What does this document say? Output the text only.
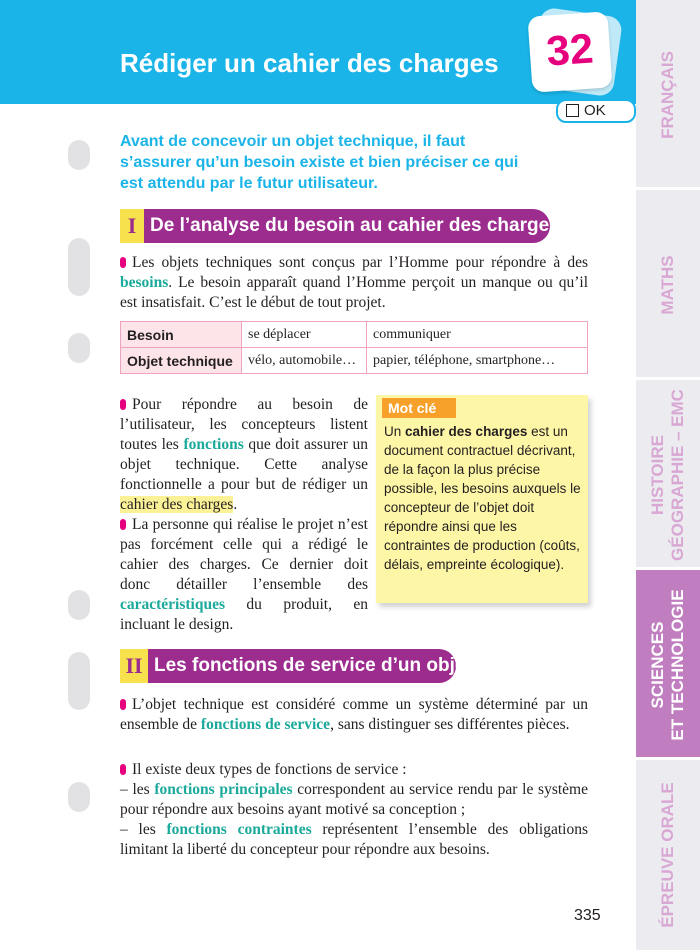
Rédiger un cahier des charges	32
OK	FRANÇAIS
MATHS
HISTOIRE
GÉOGRAPHIE – EMC
SCIENCES
ET TECHNOLOGIE
ÉPREUVE ORALE
Avant de concevoir un objet technique, il faut s’assurer qu’un besoin existe et bien préciser ce qui est attendu par le futur utilisateur.
I De l’analyse du besoin au cahier des charges
Les objets techniques sont conçus par l’Homme pour répondre à des besoins. Le besoin apparaît quand l’Homme perçoit un manque ou qu’il est insatisfait. C’est le début de tout projet.
Besoin	se déplacer	communiquer
Objet technique	vélo, automobile…	papier, téléphone, smartphone…
Pour répondre au besoin de l’utilisateur, les concepteurs listent toutes les fonctions que doit assurer un objet technique. Cette analyse fonctionnelle a pour but de rédiger un cahier des charges.
La personne qui réalise le projet n’est pas forcément celle qui a rédigé le cahier des charges. Ce dernier doit donc détailler l’ensemble des caractéristiques du produit, en incluant le design.
Mot clé
Un cahier des charges est un document contractuel décrivant, de la façon la plus précise possible, les besoins auxquels le concepteur de l’objet doit répondre ainsi que les contraintes de production (coûts, délais, empreinte écologique).
II Les fonctions de service d’un objet
L’objet technique est considéré comme un système déterminé par un ensemble de fonctions de service, sans distinguer ses différentes pièces.
Il existe deux types de fonctions de service :
– les fonctions principales correspondent au service rendu par le système pour répondre aux besoins ayant motivé sa conception ;
– les fonctions contraintes représentent l’ensemble des obligations limitant la liberté du concepteur pour répondre aux besoins.
335
